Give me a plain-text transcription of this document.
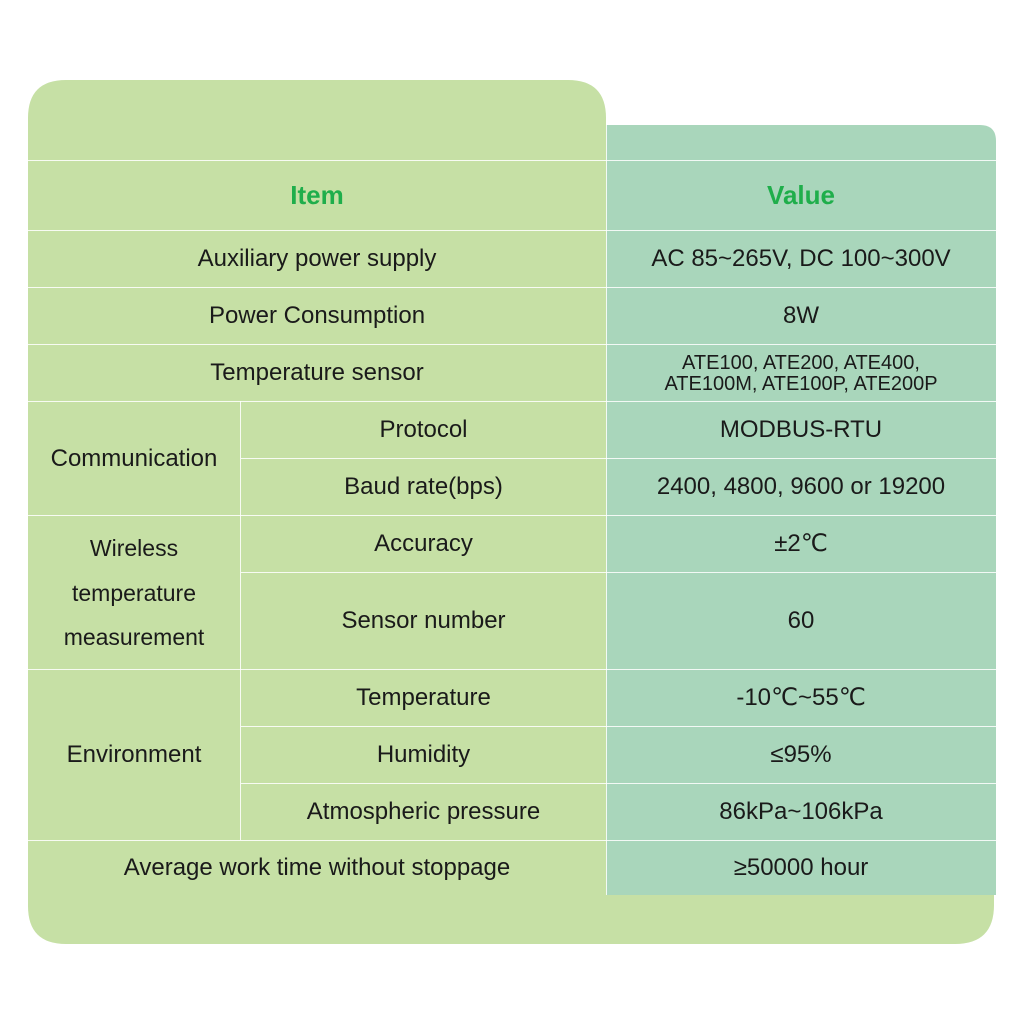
Item	Value
Auxiliary power supply	AC 85~265V, DC 100~300V
Power Consumption	8W
Temperature sensor	ATE100, ATE200, ATE400,
ATE100M, ATE100P, ATE200P
Communication
Protocol	MODBUS-RTU
Baud rate(bps)	2400, 4800, 9600 or 19200
Wireless
temperature
measurement
Accuracy	±2℃
Sensor number	60
Environment
Temperature	-10℃~55℃
Humidity	≤95%
Atmospheric pressure	86kPa~106kPa
Average work time without stoppage	≥50000 hour
